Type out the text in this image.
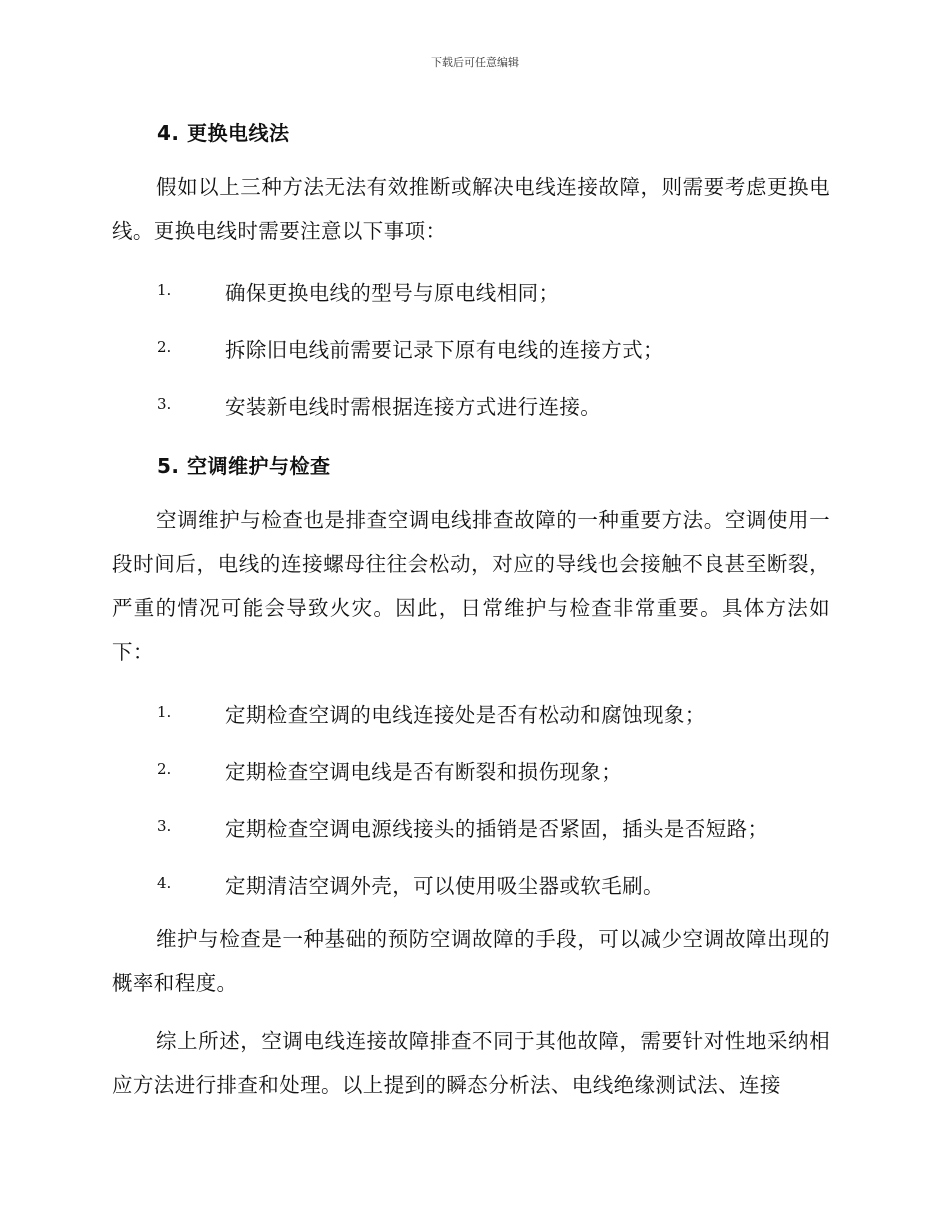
下载后可任意编辑
4. 更换电线法

假如以上三种方法无法有效推断或解决电线连接故障，则需要考虑更换电线。更换电线时需要注意以下事项：

1.	确保更换电线的型号与原电线相同；
2.	拆除旧电线前需要记录下原有电线的连接方式；
3.	安装新电线时需根据连接方式进行连接。
5. 空调维护与检查

空调维护与检查也是排查空调电线排查故障的一种重要方法。空调使用一段时间后，电线的连接螺母往往会松动，对应的导线也会接触不良甚至断裂，严重的情况可能会导致火灾。因此，日常维护与检查非常重要。具体方法如下：

1.	定期检查空调的电线连接处是否有松动和腐蚀现象；
2.	定期检查空调电线是否有断裂和损伤现象；
3.	定期检查空调电源线接头的插销是否紧固，插头是否短路；
4.	定期清洁空调外壳，可以使用吸尘器或软毛刷。

维护与检查是一种基础的预防空调故障的手段，可以减少空调故障出现的概率和程度。

综上所述，空调电线连接故障排查不同于其他故障，需要针对性地采纳相应方法进行排查和处理。以上提到的瞬态分析法、电线绝缘测试法、连接
